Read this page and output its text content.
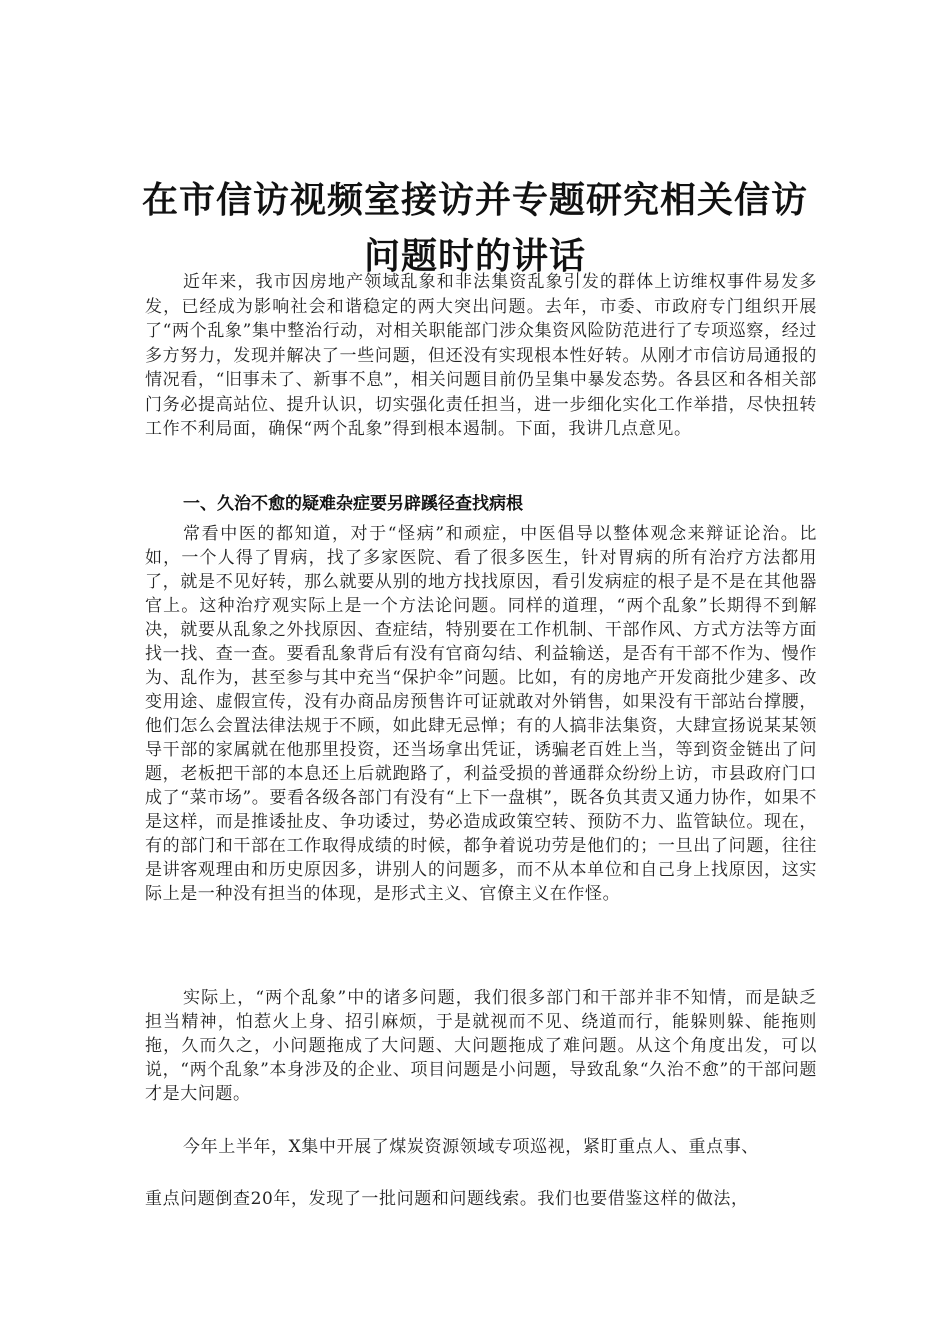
在市信访视频室接访并专题研究相关信访
问题时的讲话
近年来，我市因房地产领域乱象和非法集资乱象引发的群体上访维权事件易发多发，已经成为影响社会和谐稳定的两大突出问题。去年，市委、市政府专门组织开展了“两个乱象”集中整治行动，对相关职能部门涉众集资风险防范进行了专项巡察，经过多方努力，发现并解决了一些问题，但还没有实现根本性好转。从刚才市信访局通报的情况看，“旧事未了、新事不息”，相关问题目前仍呈集中暴发态势。各县区和各相关部门务必提高站位、提升认识，切实强化责任担当，进一步细化实化工作举措，尽快扭转工作不利局面，确保“两个乱象”得到根本遏制。下面，我讲几点意见。
一、久治不愈的疑难杂症要另辟蹊径查找病根
常看中医的都知道，对于“怪病”和顽症，中医倡导以整体观念来辩证论治。比如，一个人得了胃病，找了多家医院、看了很多医生，针对胃病的所有治疗方法都用了，就是不见好转，那么就要从别的地方找找原因，看引发病症的根子是不是在其他器官上。这种治疗观实际上是一个方法论问题。同样的道理，“两个乱象”长期得不到解决，就要从乱象之外找原因、查症结，特别要在工作机制、干部作风、方式方法等方面找一找、查一查。要看乱象背后有没有官商勾结、利益输送，是否有干部不作为、慢作为、乱作为，甚至参与其中充当“保护伞”问题。比如，有的房地产开发商批少建多、改变用途、虚假宣传，没有办商品房预售许可证就敢对外销售，如果没有干部站台撑腰，他们怎么会置法律法规于不顾，如此肆无忌惮；有的人搞非法集资，大肆宣扬说某某领导干部的家属就在他那里投资，还当场拿出凭证，诱骗老百姓上当，等到资金链出了问题，老板把干部的本息还上后就跑路了，利益受损的普通群众纷纷上访，市县政府门口成了“菜市场”。要看各级各部门有没有“上下一盘棋”，既各负其责又通力协作，如果不是这样，而是推诿扯皮、争功诿过，势必造成政策空转、预防不力、监管缺位。现在，有的部门和干部在工作取得成绩的时候，都争着说功劳是他们的；一旦出了问题，往往是讲客观理由和历史原因多，讲别人的问题多，而不从本单位和自己身上找原因，这实际上是一种没有担当的体现，是形式主义、官僚主义在作怪。
实际上，“两个乱象”中的诸多问题，我们很多部门和干部并非不知情，而是缺乏担当精神，怕惹火上身、招引麻烦，于是就视而不见、绕道而行，能躲则躲、能拖则拖，久而久之，小问题拖成了大问题、大问题拖成了难问题。从这个角度出发，可以说，“两个乱象”本身涉及的企业、项目问题是小问题，导致乱象“久治不愈”的干部问题才是大问题。
今年上半年，X集中开展了煤炭资源领域专项巡视，紧盯重点人、重点事、
重点问题倒查20年，发现了一批问题和问题线索。我们也要借鉴这样的做法，
